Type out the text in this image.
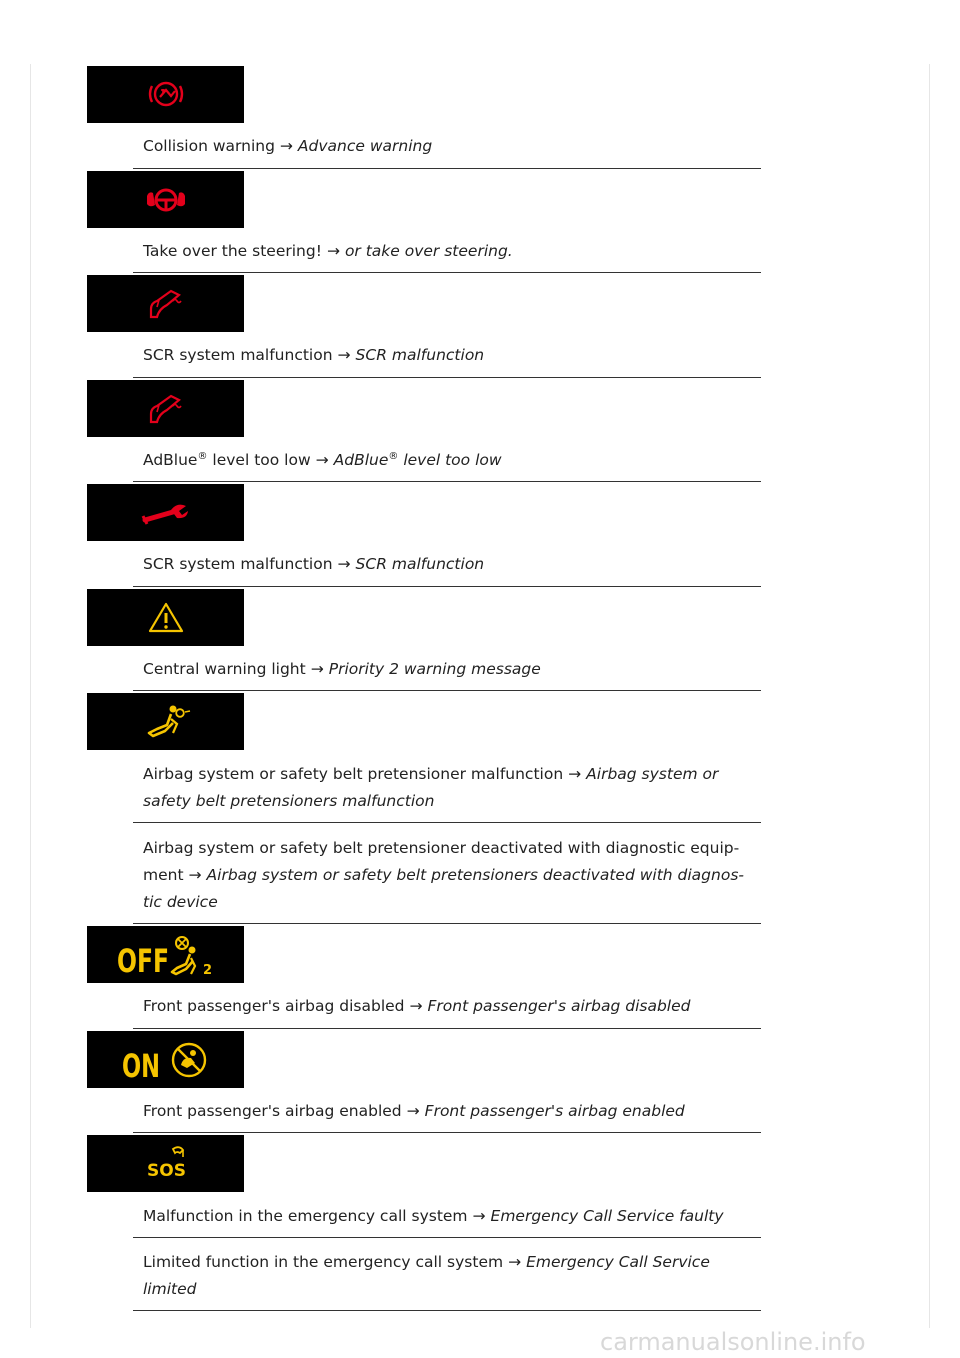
Collision warning → Advance warning
Take over the steering! → or take over steering.
SCR system malfunction → SCR malfunction
AdBlue® level too low → AdBlue® level too low
SCR system malfunction → SCR malfunction
Central warning light → Priority 2 warning message
Airbag system or safety belt pretensioner malfunction → Airbag system or
safety belt pretensioners malfunction
Airbag system or safety belt pretensioner deactivated with diagnostic equip-
ment → Airbag system or safety belt pretensioners deactivated with diagnos-
tic device
OFF	2
Front passenger's airbag disabled → Front passenger's airbag disabled
ON
Front passenger's airbag enabled → Front passenger's airbag enabled
SOS
Malfunction in the emergency call system → Emergency Call Service faulty
Limited function in the emergency call system → Emergency Call Service
limited
carmanualsonline.info
